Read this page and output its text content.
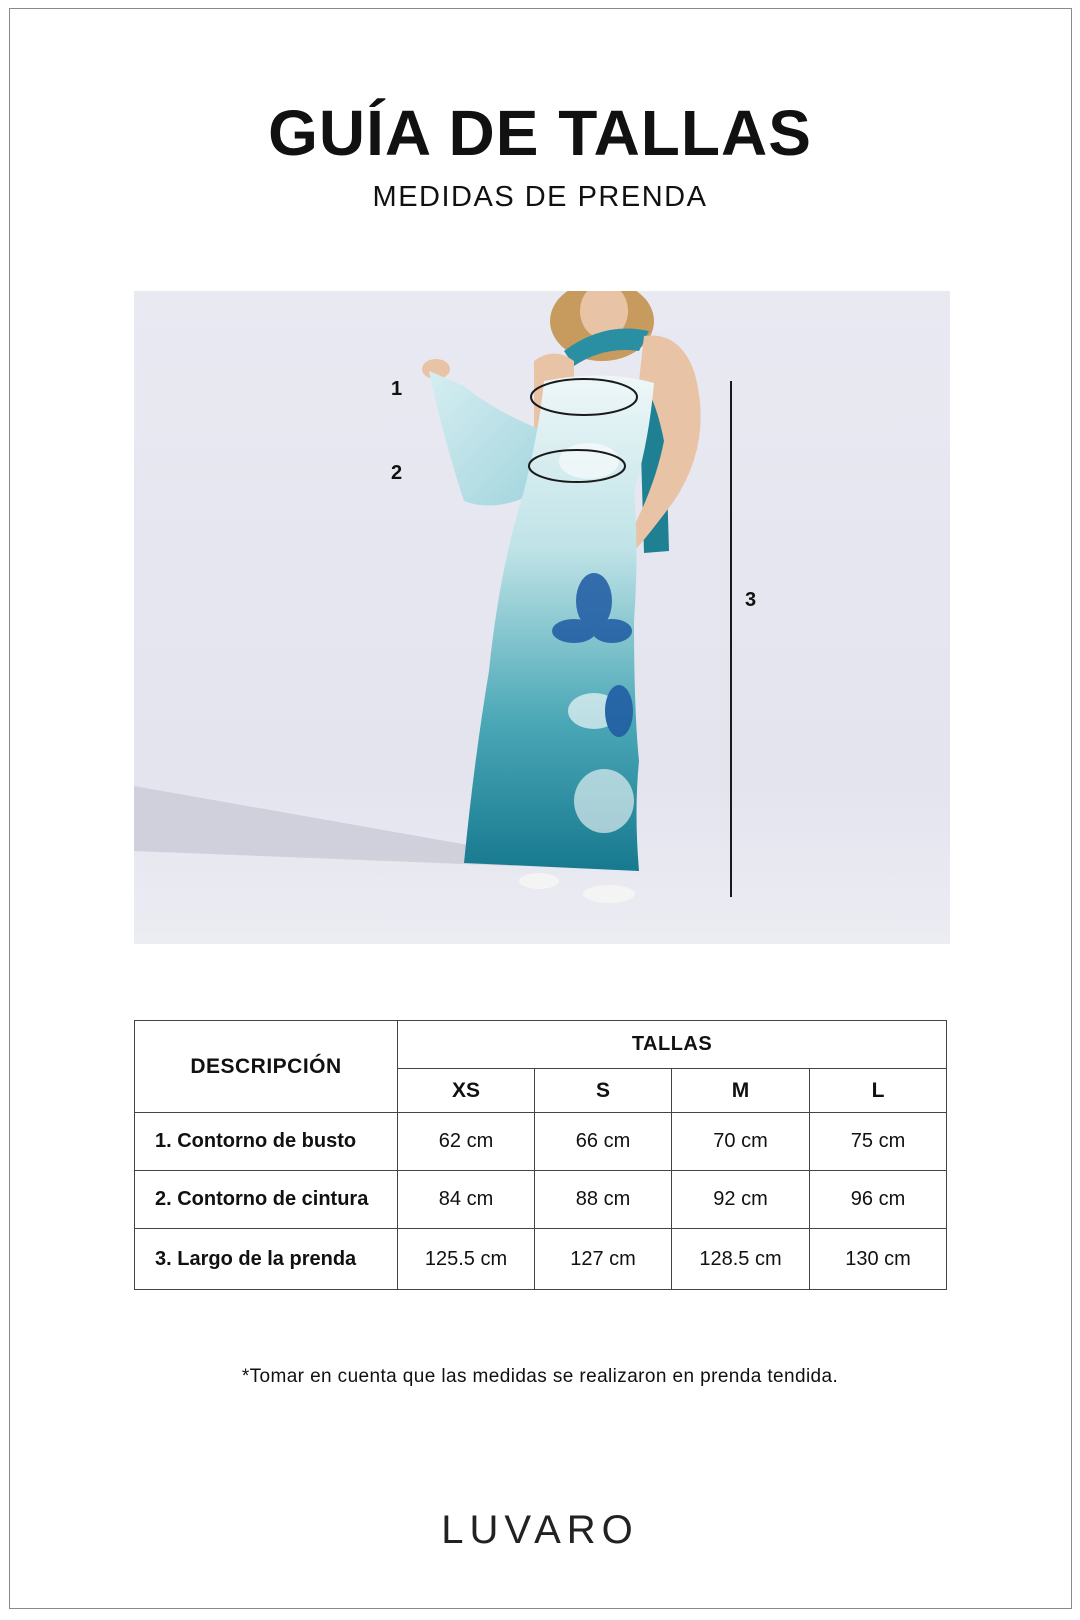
GUÍA DE TALLAS
MEDIDAS DE PRENDA
1
2
3
DESCRIPCIÓN	TALLAS			
	XS	S	M	L
1. Contorno de busto	62 cm	66 cm	70 cm	75 cm
2. Contorno de cintura	84 cm	88 cm	92 cm	96 cm
3. Largo de la prenda	125.5 cm	127 cm	128.5 cm	130 cm
*Tomar en cuenta que las medidas se realizaron en prenda tendida.
LUVARO
